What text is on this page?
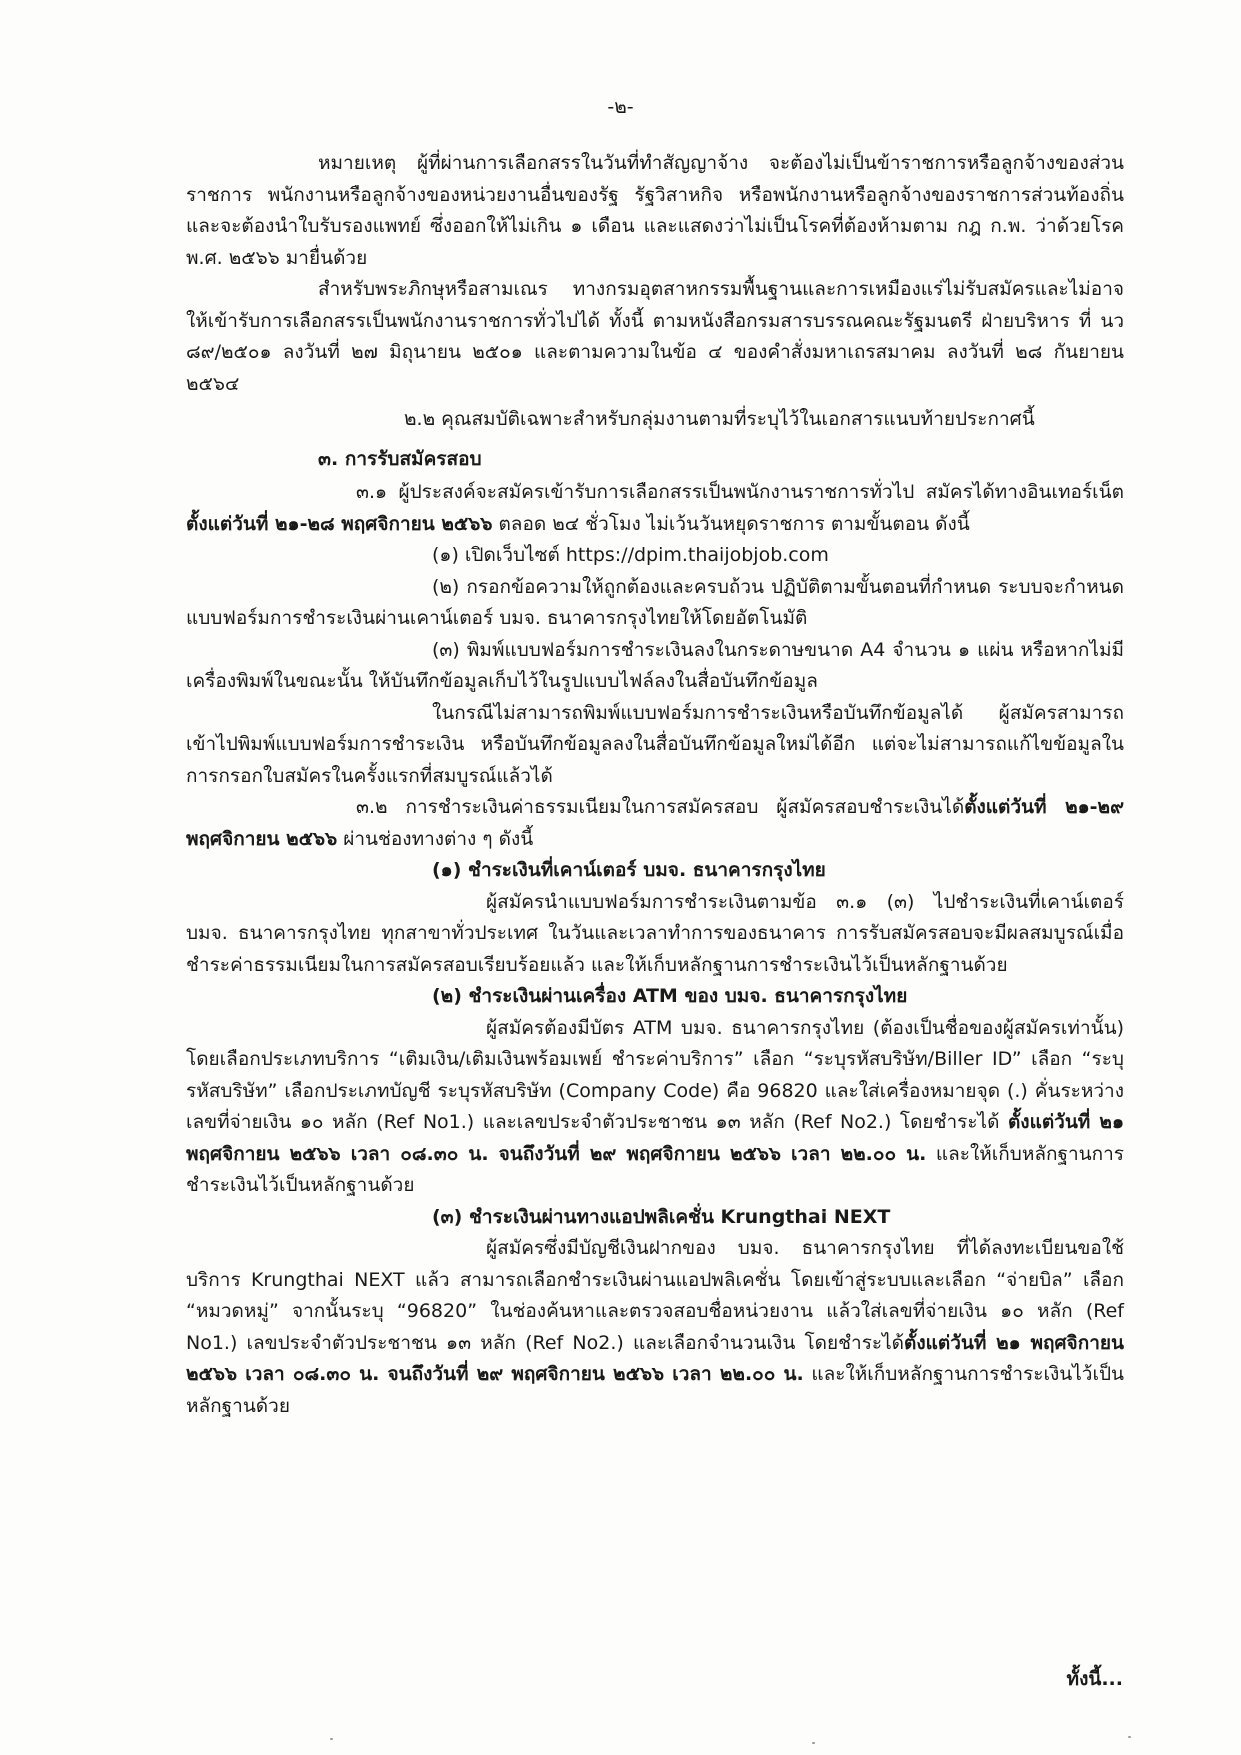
-๒-

หมายเหตุ ผู้ที่ผ่านการเลือกสรรในวันที่ทำสัญญาจ้าง จะต้องไม่เป็นข้าราชการหรือลูกจ้างของส่วนราชการ พนักงานหรือลูกจ้างของหน่วยงานอื่นของรัฐ รัฐวิสาหกิจ หรือพนักงานหรือลูกจ้างของราชการส่วนท้องถิ่น และจะต้องนำใบรับรองแพทย์ ซึ่งออกให้ไม่เกิน ๑ เดือน และแสดงว่าไม่เป็นโรคที่ต้องห้ามตาม กฎ ก.พ. ว่าด้วยโรค พ.ศ. ๒๕๖๖ มายื่นด้วย

สำหรับพระภิกษุหรือสามเณร ทางกรมอุตสาหกรรมพื้นฐานและการเหมืองแร่ไม่รับสมัครและไม่อาจให้เข้ารับการเลือกสรรเป็นพนักงานราชการทั่วไปได้ ทั้งนี้ ตามหนังสือกรมสารบรรณคณะรัฐมนตรี ฝ่ายบริหาร ที่ นว ๘๙/๒๕๐๑ ลงวันที่ ๒๗ มิถุนายน ๒๕๐๑ และตามความในข้อ ๔ ของคำสั่งมหาเถรสมาคม ลงวันที่ ๒๘ กันยายน ๒๕๖๔

๒.๒ คุณสมบัติเฉพาะสำหรับกลุ่มงานตามที่ระบุไว้ในเอกสารแนบท้ายประกาศนี้

๓. การรับสมัครสอบ

๓.๑ ผู้ประสงค์จะสมัครเข้ารับการเลือกสรรเป็นพนักงานราชการทั่วไป สมัครได้ทางอินเทอร์เน็ต ตั้งแต่วันที่ ๒๑-๒๘ พฤศจิกายน ๒๕๖๖ ตลอด ๒๔ ชั่วโมง ไม่เว้นวันหยุดราชการ ตามขั้นตอน ดังนี้

(๑) เปิดเว็บไซต์ https://dpim.thaijobjob.com

(๒) กรอกข้อความให้ถูกต้องและครบถ้วน ปฏิบัติตามขั้นตอนที่กำหนด ระบบจะกำหนดแบบฟอร์มการชำระเงินผ่านเคาน์เตอร์ บมจ. ธนาคารกรุงไทยให้โดยอัตโนมัติ

(๓) พิมพ์แบบฟอร์มการชำระเงินลงในกระดาษขนาด A4 จำนวน ๑ แผ่น หรือหากไม่มีเครื่องพิมพ์ในขณะนั้น ให้บันทึกข้อมูลเก็บไว้ในรูปแบบไฟล์ลงในสื่อบันทึกข้อมูล

ในกรณีไม่สามารถพิมพ์แบบฟอร์มการชำระเงินหรือบันทึกข้อมูลได้ ผู้สมัครสามารถเข้าไปพิมพ์แบบฟอร์มการชำระเงิน หรือบันทึกข้อมูลลงในสื่อบันทึกข้อมูลใหม่ได้อีก แต่จะไม่สามารถแก้ไขข้อมูลในการกรอกใบสมัครในครั้งแรกที่สมบูรณ์แล้วได้

๓.๒ การชำระเงินค่าธรรมเนียมในการสมัครสอบ ผู้สมัครสอบชำระเงินได้ตั้งแต่วันที่ ๒๑-๒๙ พฤศจิกายน ๒๕๖๖ ผ่านช่องทางต่าง ๆ ดังนี้

(๑) ชำระเงินที่เคาน์เตอร์ บมจ. ธนาคารกรุงไทย

ผู้สมัครนำแบบฟอร์มการชำระเงินตามข้อ ๓.๑ (๓) ไปชำระเงินที่เคาน์เตอร์ บมจ. ธนาคารกรุงไทย ทุกสาขาทั่วประเทศ ในวันและเวลาทำการของธนาคาร การรับสมัครสอบจะมีผลสมบูรณ์เมื่อชำระค่าธรรมเนียมในการสมัครสอบเรียบร้อยแล้ว และให้เก็บหลักฐานการชำระเงินไว้เป็นหลักฐานด้วย

(๒) ชำระเงินผ่านเครื่อง ATM ของ บมจ. ธนาคารกรุงไทย

ผู้สมัครต้องมีบัตร ATM บมจ. ธนาคารกรุงไทย (ต้องเป็นชื่อของผู้สมัครเท่านั้น) โดยเลือกประเภทบริการ “เติมเงิน/เติมเงินพร้อมเพย์ ชำระค่าบริการ” เลือก “ระบุรหัสบริษัท/Biller ID” เลือก “ระบุรหัสบริษัท” เลือกประเภทบัญชี ระบุรหัสบริษัท (Company Code) คือ 96820 และใส่เครื่องหมายจุด (.) คั่นระหว่างเลขที่จ่ายเงิน ๑๐ หลัก (Ref No1.) และเลขประจำตัวประชาชน ๑๓ หลัก (Ref No2.) โดยชำระได้ ตั้งแต่วันที่ ๒๑ พฤศจิกายน ๒๕๖๖ เวลา ๐๘.๓๐ น. จนถึงวันที่ ๒๙ พฤศจิกายน ๒๕๖๖ เวลา ๒๒.๐๐ น. และให้เก็บหลักฐานการชำระเงินไว้เป็นหลักฐานด้วย

(๓) ชำระเงินผ่านทางแอปพลิเคชั่น Krungthai NEXT

ผู้สมัครซึ่งมีบัญชีเงินฝากของ บมจ. ธนาคารกรุงไทย ที่ได้ลงทะเบียนขอใช้บริการ Krungthai NEXT แล้ว สามารถเลือกชำระเงินผ่านแอปพลิเคชั่น โดยเข้าสู่ระบบและเลือก “จ่ายบิล” เลือก “หมวดหมู่” จากนั้นระบุ “96820” ในช่องค้นหาและตรวจสอบชื่อหน่วยงาน แล้วใส่เลขที่จ่ายเงิน ๑๐ หลัก (Ref No1.) เลขประจำตัวประชาชน ๑๓ หลัก (Ref No2.) และเลือกจำนวนเงิน โดยชำระได้ตั้งแต่วันที่ ๒๑ พฤศจิกายน ๒๕๖๖ เวลา ๐๘.๓๐ น. จนถึงวันที่ ๒๙ พฤศจิกายน ๒๕๖๖ เวลา ๒๒.๐๐ น. และให้เก็บหลักฐานการชำระเงินไว้เป็นหลักฐานด้วย

ทั้งนี้...
